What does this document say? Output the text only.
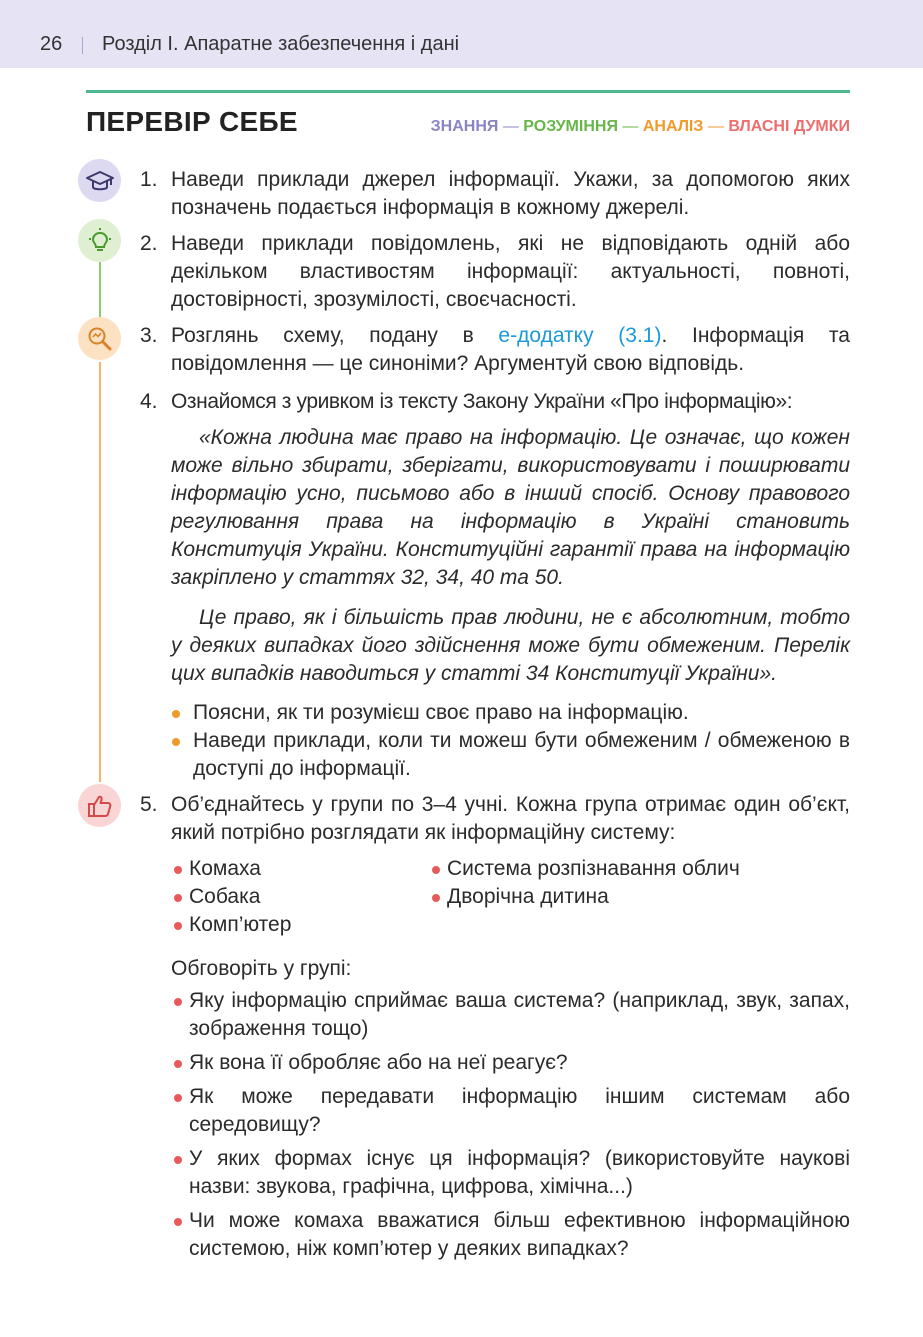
26 Розділ І. Апаратне забезпечення і дані
ПЕРЕВІР СЕБЕ	ЗНАННЯ — РОЗУМІННЯ — АНАЛІЗ — ВЛАСНІ ДУМКИ
1. Наведи приклади джерел інформації. Укажи, за допомогою яких позначень подається інформація в кожному джерелі.
2. Наведи приклади повідомлень, які не відповідають одній або декільком властивостям інформації: актуальності, повноті, достовірності, зрозумілості, своєчасності.
3. Розглянь схему, подану в е-додатку (3.1). Інформація та повідомлення — це синоніми? Аргументуй свою відповідь.
4. Ознайомся з уривком із тексту Закону України «Про інформацію»:
«Кожна людина має право на інформацію. Це означає, що кожен може вільно збирати, зберігати, використовувати і поширювати інформацію усно, письмово або в інший спосіб. Основу правового регулювання права на інформацію в Україні становить Конституція України. Конституційні гарантії права на інформацію закріплено у статтях 32, 34, 40 та 50.
Це право, як і більшість прав людини, не є абсолютним, тобто у деяких випадках його здійснення може бути обмеженим. Перелік цих випадків наводиться у статті 34 Конституції України».
Поясни, як ти розумієш своє право на інформацію.
Наведи приклади, коли ти можеш бути обмеженим / обмеженою в доступі до інформації.
5. Об’єднайтесь у групи по 3–4 учні. Кожна група отримає один об’єкт, який потрібно розглядати як інформаційну систему:
Комаха
Собака
Комп’ютер
Система розпізнавання облич
Дворічна дитина
Обговоріть у групі:
Яку інформацію сприймає ваша система? (наприклад, звук, запах, зображення тощо)
Як вона її обробляє або на неї реагує?
Як може передавати інформацію іншим системам або середовищу?
У яких формах існує ця інформація? (використовуйте наукові назви: звукова, графічна, цифрова, хімічна...)
Чи може комаха вважатися більш ефективною інформаційною системою, ніж комп’ютер у деяких випадках?
